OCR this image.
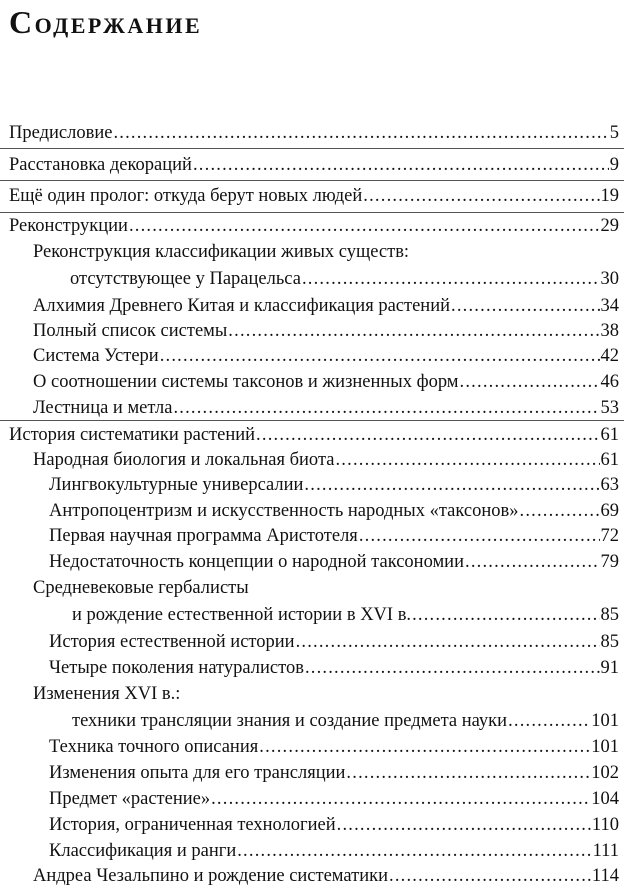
Содержание
Предисловие .....	5
Расстановка декораций .....	9
Ещё один пролог: откуда берут новых людей .....	19
Реконструкции .....	29
Реконструкция классификации живых существ:
отсутствующее у Парацельса .....	30
Алхимия Древнего Китая и классификация растений .....	34
Полный список системы .....	38
Система Устери .....	42
О соотношении системы таксонов и жизненных форм .....	46
Лестница и метла .....	53
История систематики растений .....	61
Народная биология и локальная биота .....	61
Лингвокультурные универсалии .....	63
Антропоцентризм и искусственность народных «таксонов» .....	69
Первая научная программа Аристотеля .....	72
Недостаточность концепции о народной таксономии .....	79
Средневековые гербалисты
и рождение естественной истории в XVI в. .....	85
История естественной истории .....	85
Четыре поколения натуралистов .....	91
Изменения XVI в.:
техники трансляции знания и создание предмета науки .....	101
Техника точного описания .....	101
Изменения опыта для его трансляции .....	102
Предмет «растение» .....	104
История, ограниченная технологией .....	110
Классификация и ранги .....	111
Андреа Чезальпино и рождение систематики .....	114
